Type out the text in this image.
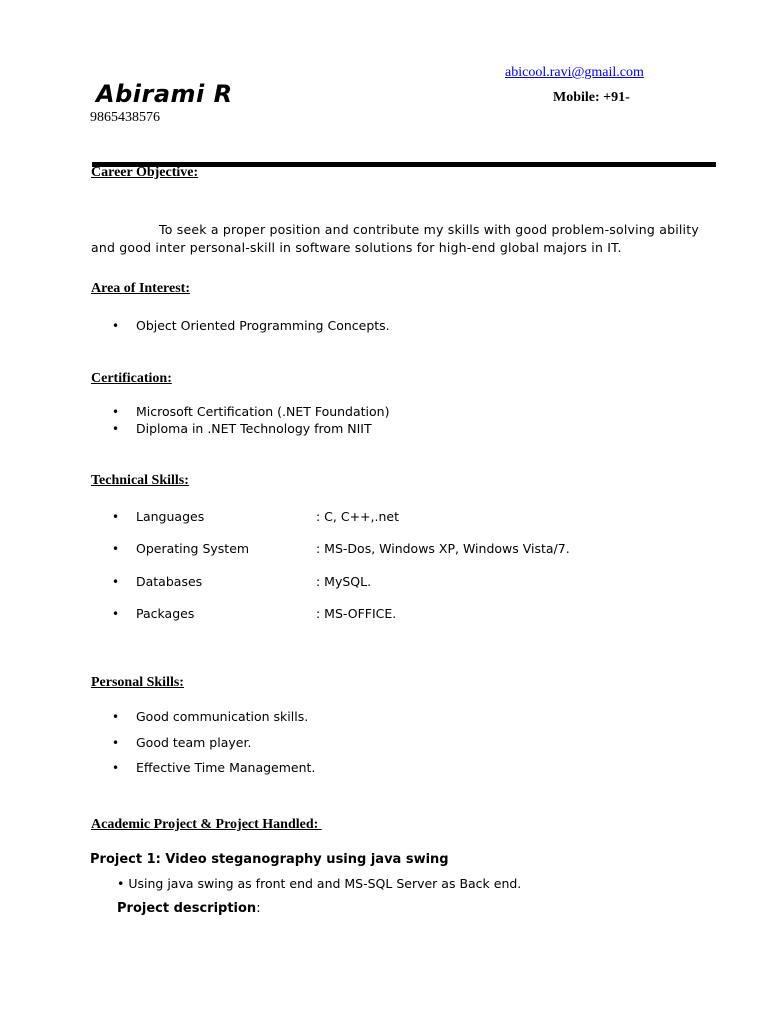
abicool.ravi@gmail.com
Abirami R	Mobile: +91-
9865438576
Career Objective:
To seek a proper position and contribute my skills with good problem-solving ability and good inter personal-skill in software solutions for high-end global majors in IT.
Area of Interest:
• Object Oriented Programming Concepts.
Certification:
• Microsoft Certification (.NET Foundation)
• Diploma in .NET Technology from NIIT
Technical Skills:
• Languages	: C, C++,.net
• Operating System	: MS-Dos, Windows XP, Windows Vista/7.
• Databases	: MySQL.
• Packages	: MS-OFFICE.
Personal Skills:
• Good communication skills.
• Good team player.
• Effective Time Management.
Academic Project & Project Handled:
Project 1: Video steganography using java swing
• Using java swing as front end and MS-SQL Server as Back end.
Project description:
